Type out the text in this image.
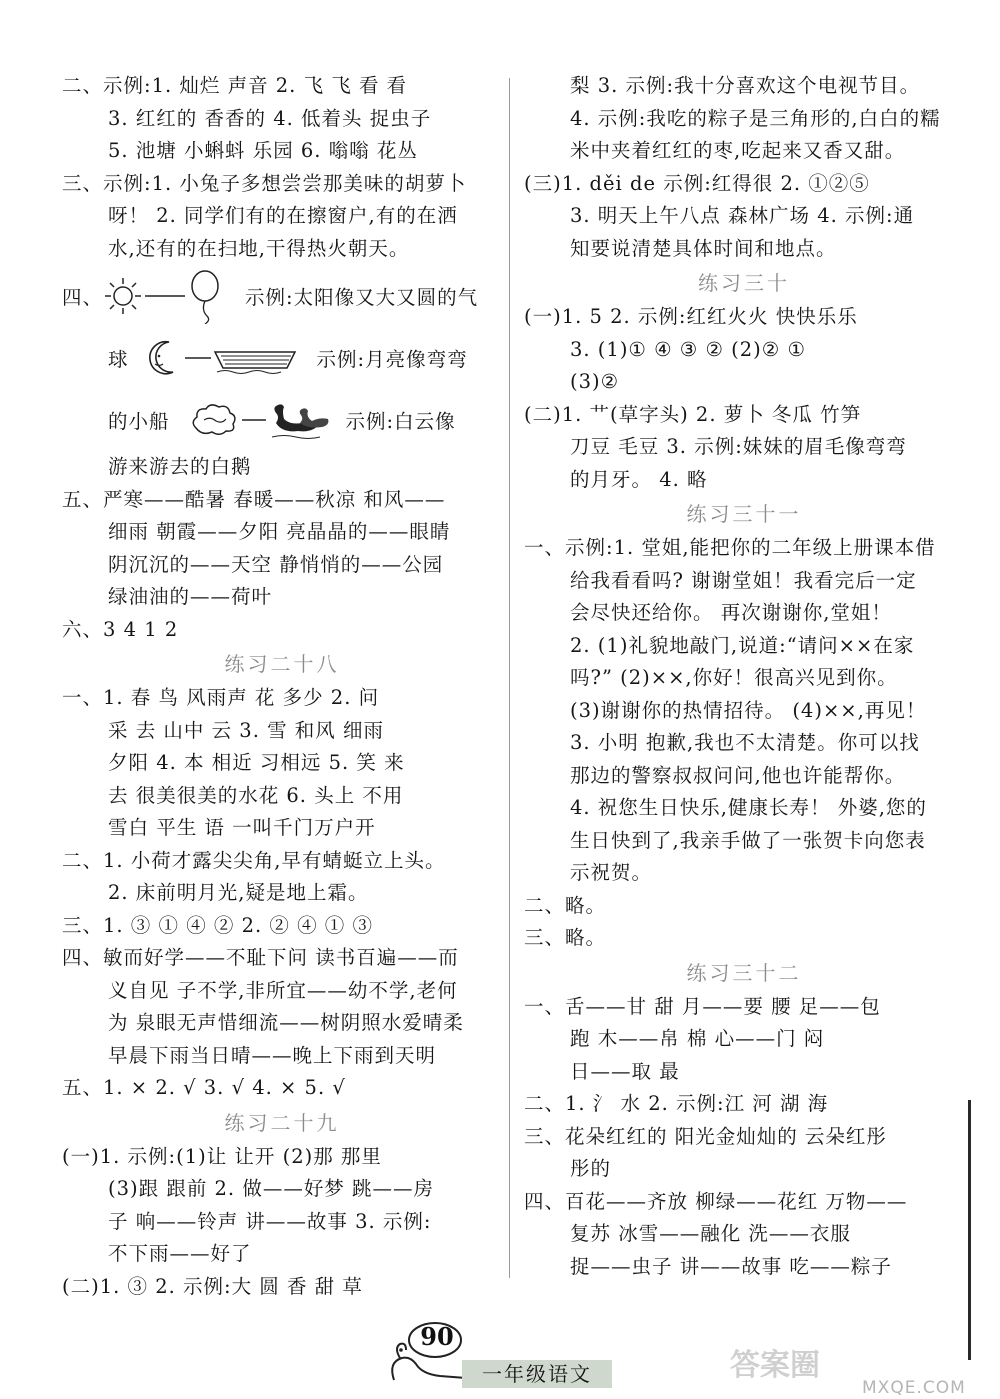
二、示例:1. 灿烂 声音 2. 飞 飞 看 看
3. 红红的 香香的 4. 低着头 捉虫子
5. 池塘 小蝌蚪 乐园 6. 嗡嗡 花丛
三、示例:1. 小兔子多想尝尝那美味的胡萝卜
呀！ 2. 同学们有的在擦窗户,有的在洒
水,还有的在扫地,干得热火朝天。
四、	示例:太阳像又大又圆的气
球	示例:月亮像弯弯
的小船	示例:白云像
游来游去的白鹅
五、严寒——酷暑 春暖——秋凉 和风——
细雨 朝霞——夕阳 亮晶晶的——眼睛
阴沉沉的——天空 静悄悄的——公园
绿油油的——荷叶
六、3 4 1 2
练习二十八
一、1. 春 鸟 风雨声 花 多少 2. 问
采 去 山中 云 3. 雪 和风 细雨
夕阳 4. 本 相近 习相远 5. 笑 来
去 很美很美的水花 6. 头上 不用
雪白 平生 语 一叫千门万户开
二、1. 小荷才露尖尖角,早有蜻蜓立上头。
2. 床前明月光,疑是地上霜。
三、1. ③ ① ④ ② 2. ② ④ ① ③
四、敏而好学——不耻下问 读书百遍——而
义自见 子不学,非所宜——幼不学,老何
为 泉眼无声惜细流——树阴照水爱晴柔
早晨下雨当日晴——晚上下雨到天明
五、1. × 2. √ 3. √ 4. × 5. √
练习二十九
(一)1. 示例:(1)让 让开 (2)那 那里
(3)跟 跟前 2. 做——好梦 跳——房
子 响——铃声 讲——故事 3. 示例:
不下雨——好了
(二)1. ③ 2. 示例:大 圆 香 甜 草
梨 3. 示例:我十分喜欢这个电视节目。
4. 示例:我吃的粽子是三角形的,白白的糯
米中夹着红红的枣,吃起来又香又甜。
(三)1. děi de 示例:红得很 2. ①②⑤
3. 明天上午八点 森林广场 4. 示例:通
知要说清楚具体时间和地点。
练习三十
(一)1. 5 2. 示例:红红火火 快快乐乐
3. (1)① ④ ③ ② (2)② ①
(3)②
(二)1. 艹(草字头) 2. 萝卜 冬瓜 竹笋
刀豆 毛豆 3. 示例:妹妹的眉毛像弯弯
的月牙。 4. 略
练习三十一
一、示例:1. 堂姐,能把你的二年级上册课本借
给我看看吗? 谢谢堂姐！我看完后一定
会尽快还给你。 再次谢谢你,堂姐！
2. (1)礼貌地敲门,说道:“请问××在家
吗?” (2)××,你好！很高兴见到你。
(3)谢谢你的热情招待。 (4)××,再见！
3. 小明 抱歉,我也不太清楚。你可以找
那边的警察叔叔问问,他也许能帮你。
4. 祝您生日快乐,健康长寿！ 外婆,您的
生日快到了,我亲手做了一张贺卡向您表
示祝贺。
二、略。
三、略。
练习三十二
一、舌——甘 甜 月——要 腰 足——包
跑 木——帛 棉 心——门 闷
日——取 最
二、1. 氵 水 2. 示例:江 河 湖 海
三、花朵红红的 阳光金灿灿的 云朵红彤
彤的
四、百花——齐放 柳绿——花红 万物——
复苏 冰雪——融化 洗——衣服
捉——虫子 讲——故事 吃——粽子
90
一年级语文	答案圈
MXQE.COM
